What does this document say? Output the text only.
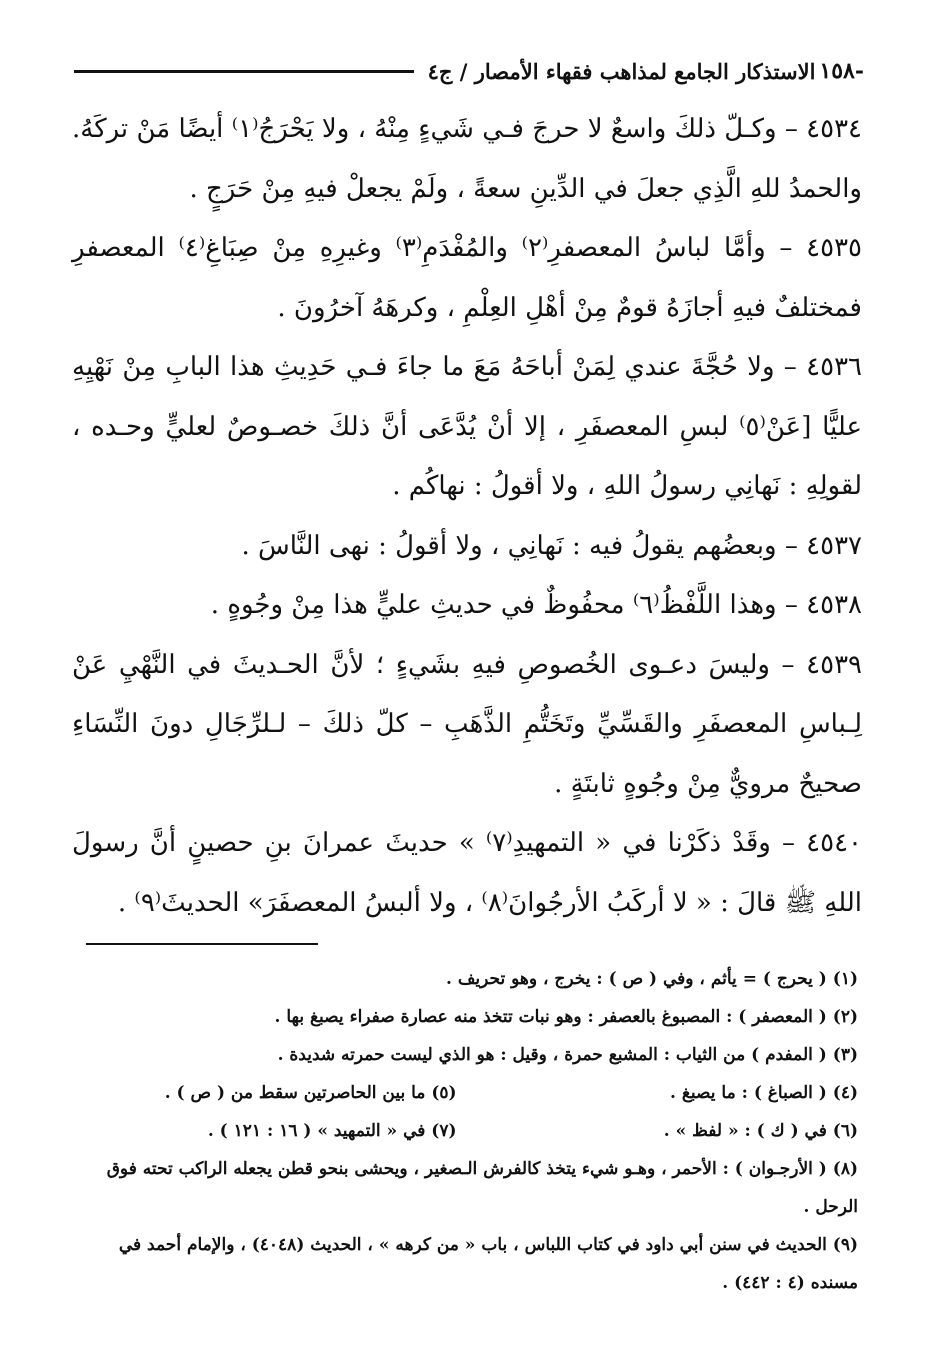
-١٥٨
الاستذكار الجامع لمذاهب فقهاء الأمصار / ج٤

٤٥٣٤ – وكـلّ ذلكَ واسعٌ لا حرجَ فـي شَيءٍ مِنْهُ ، ولا يَحْرَجُ⁽١⁾ أيضًا مَنْ تركَهُ. والحمدُ للهِ الَّذِي جعلَ في الدِّينِ سعةً ، ولَمْ يجعلْ فيهِ مِنْ حَرَجٍ .

٤٥٣٥ – وأمَّا لباسُ المعصفرِ⁽٢⁾ والمُفْدَمِ⁽٣⁾ وغيرِهِ مِنْ صِبَاغِ⁽٤⁾ المعصفرِ فمختلفٌ فيهِ أجازَهُ قومٌ مِنْ أهْلِ العِلْمِ ، وكرهَهُ آخرُونَ .

٤٥٣٦ – ولا حُجَّةَ عندي لِمَنْ أباحَهُ مَعَ ما جاءَ فـي حَدِيثِ هذا البابِ مِنْ نَهْيِهِ عليًّا [عَنْ⁽٥⁾ لبسِ المعصفَرِ ، إلا أنْ يُدَّعَى أنَّ ذلكَ خصـوصٌ لعليٍّ وحـده ، لقولِهِ : نَهانِي رسولُ اللهِ ، ولا أقولُ : نهاكُم .

٤٥٣٧ – وبعضُهم يقولُ فيه : نَهانِي ، ولا أقولُ : نهى النَّاسَ .

٤٥٣٨ – وهذا اللَّفْظُ⁽٦⁾ محفُوظٌ في حديثِ عليٍّ هذا مِنْ وجُوهٍ .

٤٥٣٩ – وليسَ دعـوى الخُصوصِ فيهِ بشَيءٍ ؛ لأنَّ الحـديثَ في النَّهْيِ عَنْ لِـباسِ المعصفَرِ والقَسِّيِّ وتَخَتُّمِ الذَّهَبِ – كلّ ذلكَ – لـلرِّجَالِ دونَ النِّسَاءِ صحيحٌ مرويٌّ مِنْ وجُوهٍ ثابتَةٍ .

٤٥٤٠ – وقَدْ ذكَرْنا في « التمهيدِ⁽٧⁾ » حديثَ عمرانَ بنِ حصينٍ أنَّ رسولَ اللهِ ﷺ قالَ : « لا أركَبُ الأرجُوانَ⁽٨⁾ ، ولا ألبسُ المعصفَرَ» الحديثَ⁽٩⁾ .

(١) ( يحرج ) = يأثم ، وفي ( ص ) : يخرج ، وهو تحريف .

(٢) ( المعصفر ) : المصبوغ بالعصفر : وهو نبات تتخذ منه عصارة صفراء يصبغ بها .

(٣) ( المفدم ) من الثياب : المشبع حمرة ، وقيل : هو الذي ليست حمرته شديدة .

(٤) ( الصباغ ) : ما يصبغ .

(٥) ما بين الحاصرتين سقط من ( ص ) .

(٦) في ( ك ) : « لفظ » .

(٧) في « التمهيد » ( ١٦ : ١٢١ ) .

(٨) ( الأرجـوان ) : الأحمر ، وهـو شيء يتخذ كالفرش الـصغير ، ويحشى بنحو قطن يجعله الراكب تحته فوق الرحل .

(٩) الحديث في سنن أبي داود في كتاب اللباس ، باب « من كرهه » ، الحديث (٤٠٤٨) ، والإمام أحمد في مسنده (٤ : ٤٤٢) .
